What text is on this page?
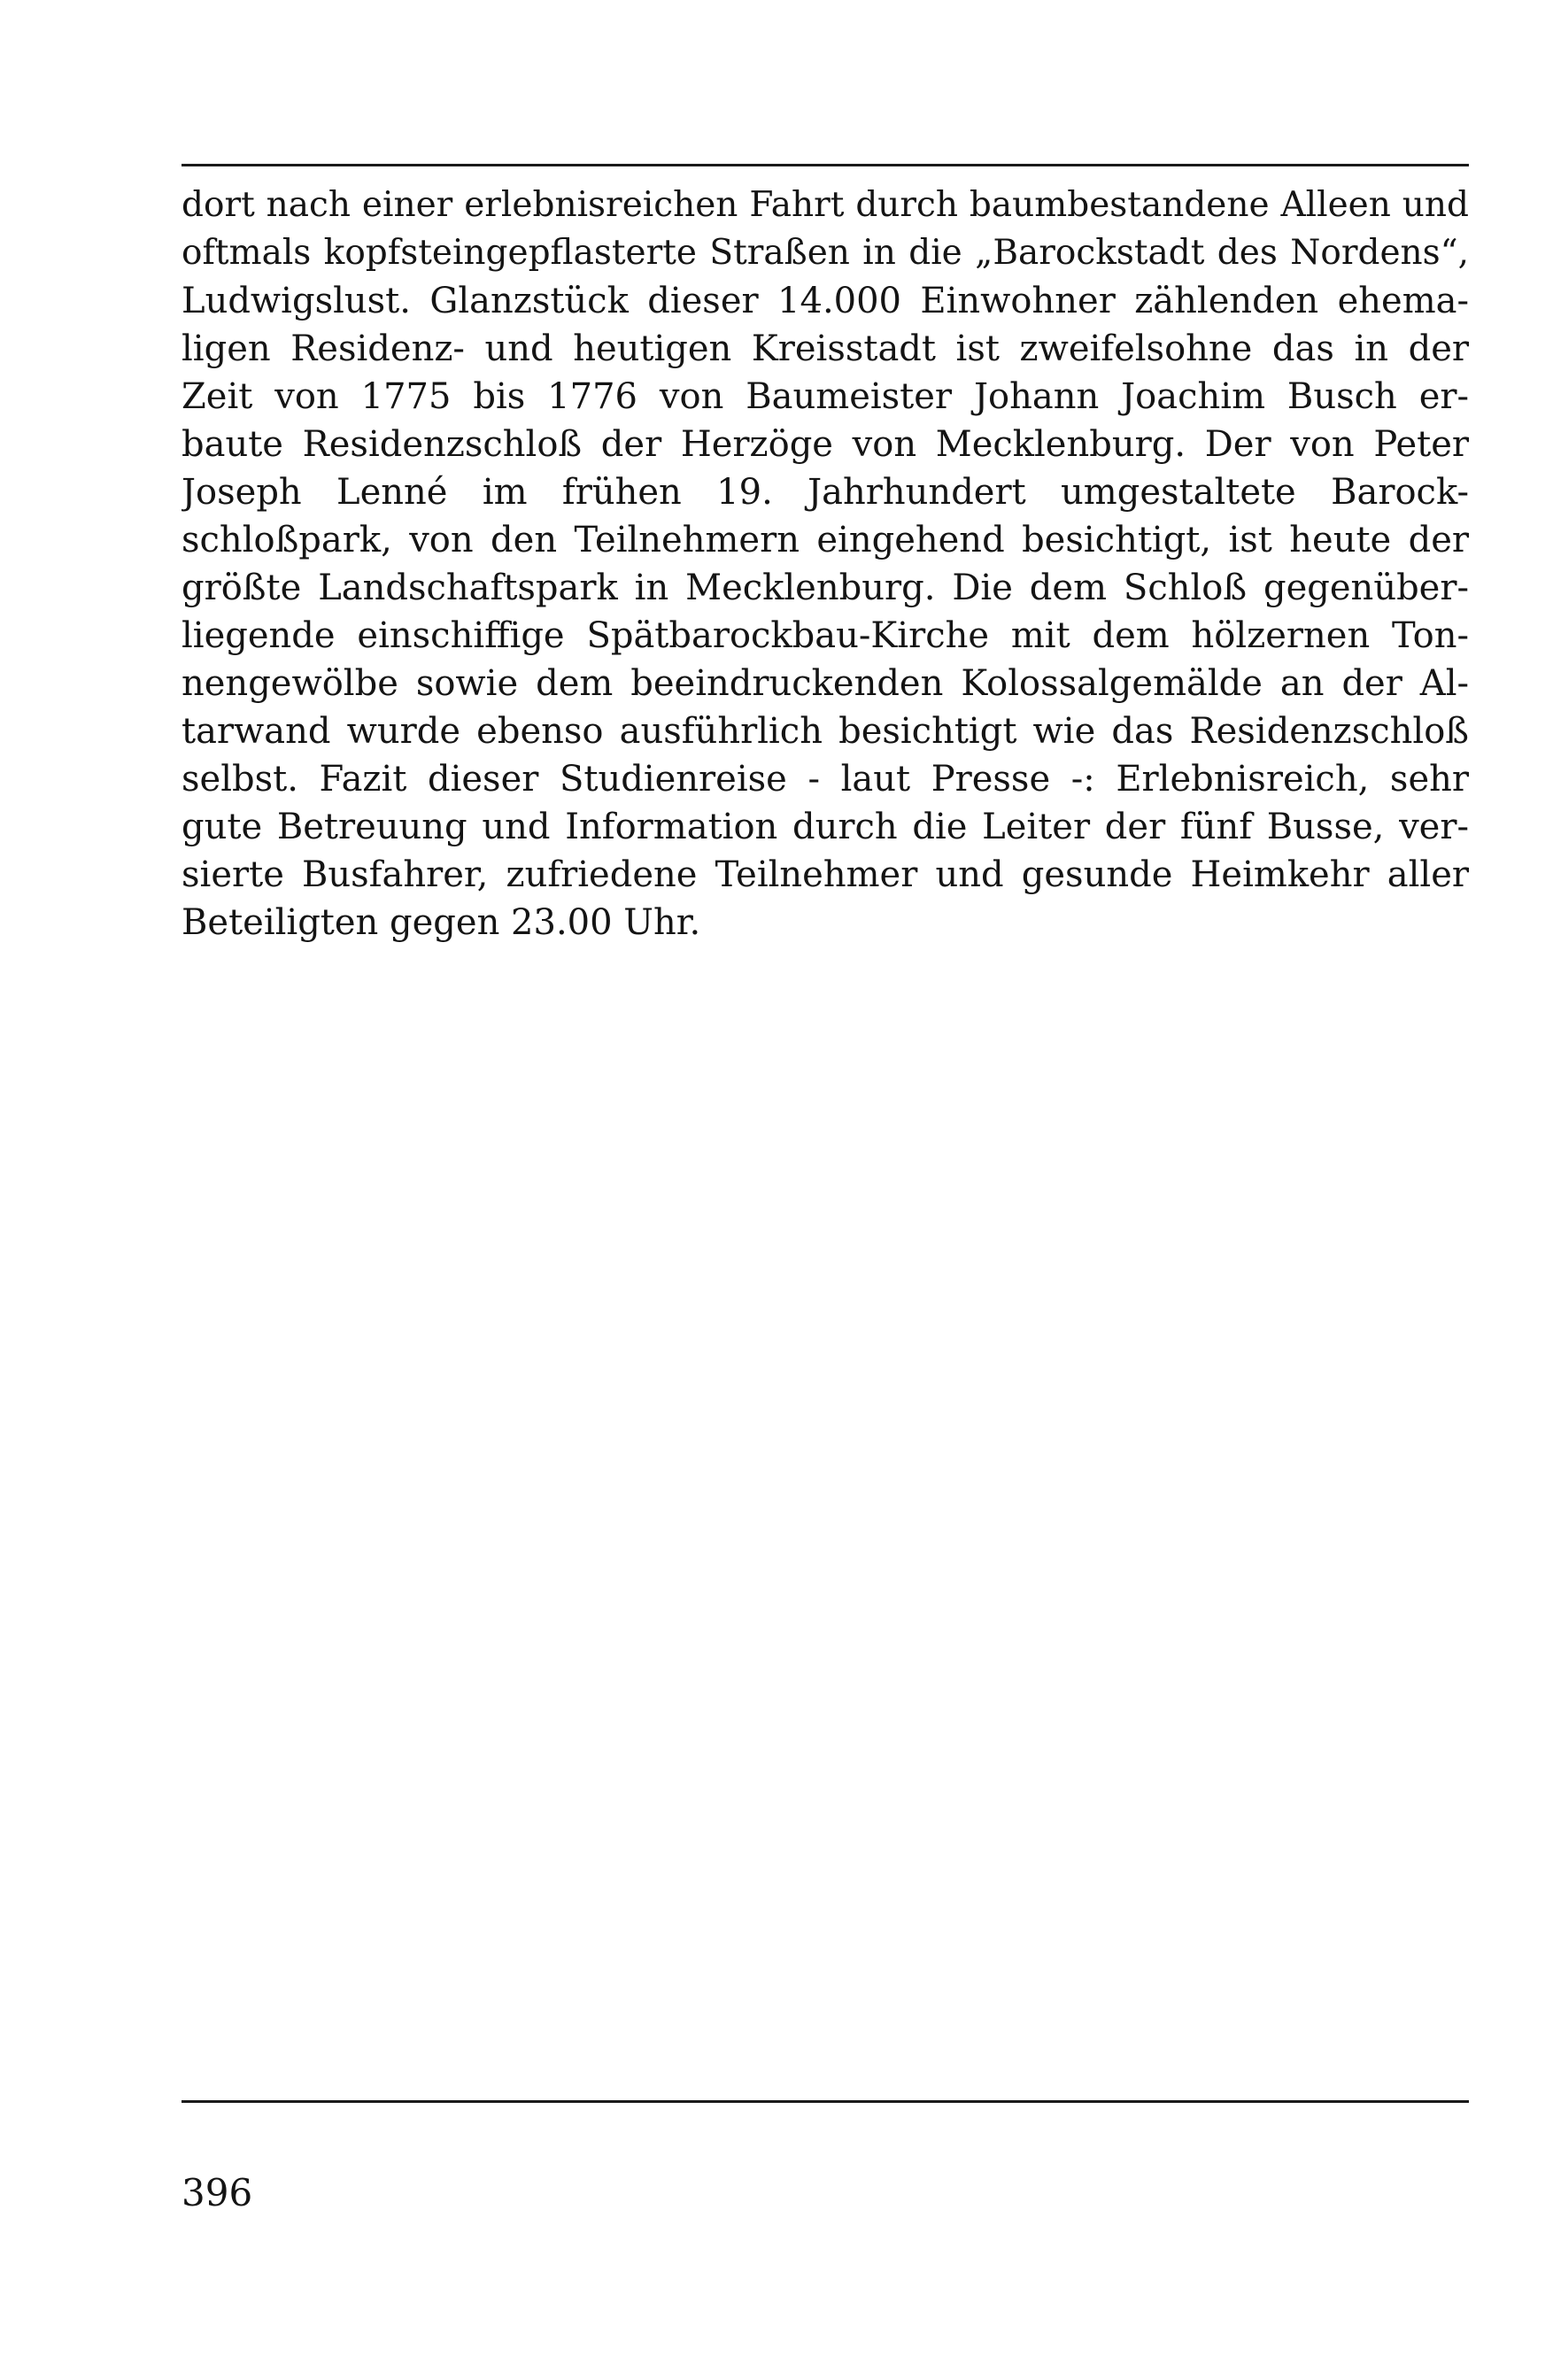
dort nach einer erlebnisreichen Fahrt durch baumbestandene Alleen und
oftmals kopfsteingepflasterte Straßen in die „Barockstadt des Nordens“,
Ludwigslust. Glanzstück dieser 14.000 Einwohner zählenden ehema-
ligen Residenz- und heutigen Kreisstadt ist zweifelsohne das in der
Zeit von 1775 bis 1776 von Baumeister Johann Joachim Busch er-
baute Residenzschloß der Herzöge von Mecklenburg. Der von Peter
Joseph Lenné im frühen 19. Jahrhundert umgestaltete Barock-
schloßpark, von den Teilnehmern eingehend besichtigt, ist heute der
größte Landschaftspark in Mecklenburg. Die dem Schloß gegenüber-
liegende einschiffige Spätbarockbau-Kirche mit dem hölzernen Ton-
nengewölbe sowie dem beeindruckenden Kolossalgemälde an der Al-
tarwand wurde ebenso ausführlich besichtigt wie das Residenzschloß
selbst. Fazit dieser Studienreise - laut Presse -: Erlebnisreich, sehr
gute Betreuung und Information durch die Leiter der fünf Busse, ver-
sierte Busfahrer, zufriedene Teilnehmer und gesunde Heimkehr aller
Beteiligten gegen 23.00 Uhr.
396
